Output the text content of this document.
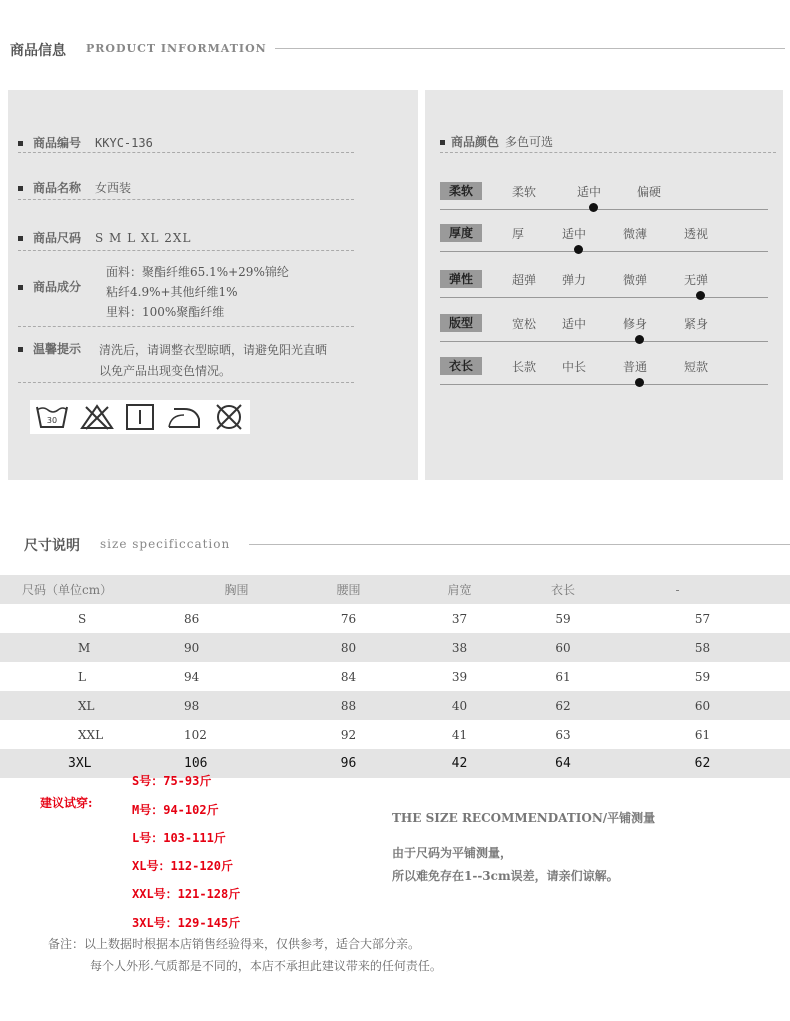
商品信息 PRODUCT INFORMATION
商品编号 KKYC-136
商品名称 女西装
商品尺码 S M L XL 2XL
商品成分
面料：聚酯纤维65.1%+29%锦纶
粘纤4.9%+其他纤维1%
里料：100%聚酯纤维
温馨提示	清洗后，请调整衣型晾晒，请避免阳光直晒
以免产品出现变色情况。
30
商品颜色 多色可选
柔软	柔软	适中	偏硬
厚度	厚	适中	微薄	透视
弹性	超弹 弹力	微弹	无弹
版型	宽松 适中	修身	紧身
衣长	长款 中长	普通	短款
尺寸说明 size specificcation
尺码（单位cm）		胸围	腰围	肩宽	衣长	-
S		86	76	37	59	57
M		90	80	38	60	58
L		94	84	39	61	59
XL		98	88	40	62	60
XXL		102	92	41	63	61
3XL		106	96	42	64	62
建议试穿:
S号：75-93斤
M号：94-102斤
L号：103-111斤
XL号：112-120斤
XXL号：121-128斤
3XL号：129-145斤
THE SIZE RECOMMENDATION/平铺测量
由于尺码为平铺测量，
所以难免存在1--3cm误差，请亲们谅解。
备注：以上数据时根据本店销售经验得来，仅供参考，适合大部分亲。
每个人外形.气质都是不同的，本店不承担此建议带来的任何责任。
